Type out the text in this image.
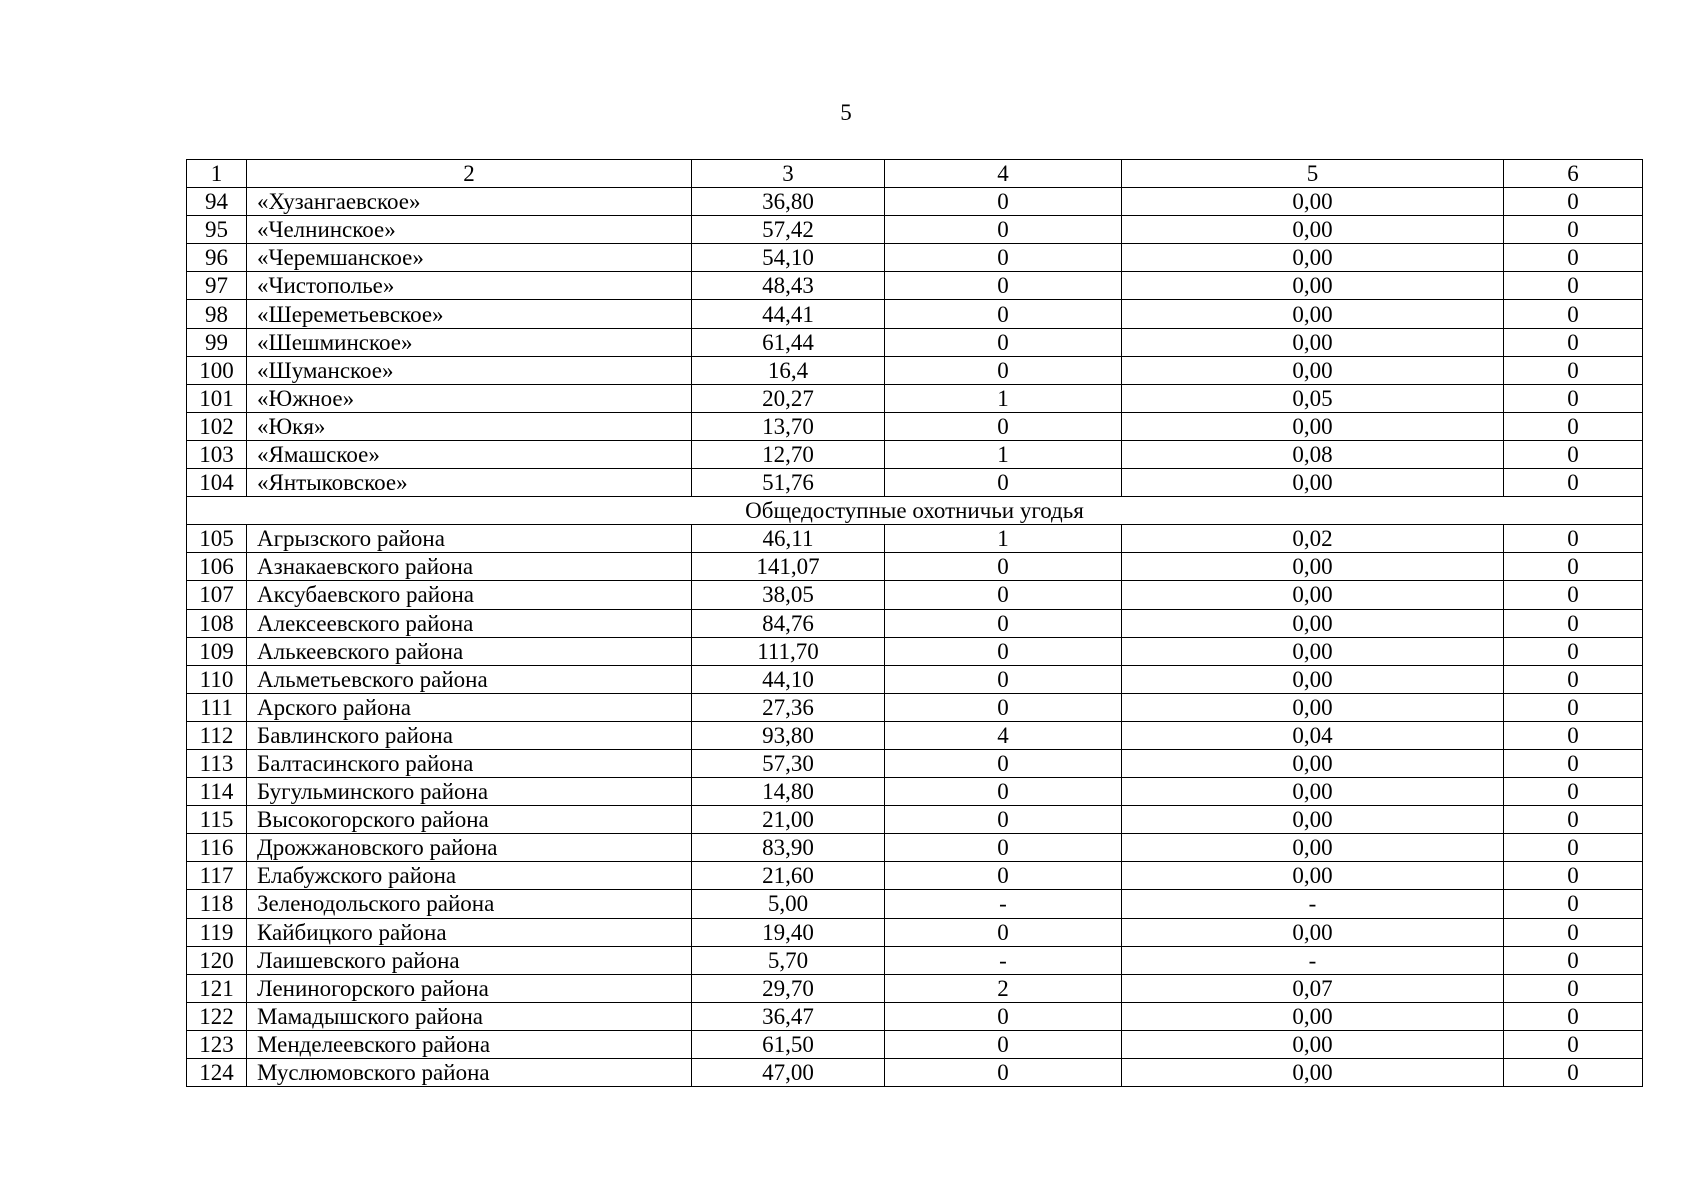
5
1	2	3	4	5	6
94	«Хузангаевское»	36,80	0	0,00	0
95	«Челнинское»	57,42	0	0,00	0
96	«Черемшанское»	54,10	0	0,00	0
97	«Чистополье»	48,43	0	0,00	0
98	«Шереметьевское»	44,41	0	0,00	0
99	«Шешминское»	61,44	0	0,00	0
100	«Шуманское»	16,4	0	0,00	0
101	«Южное»	20,27	1	0,05	0
102	«Юкя»	13,70	0	0,00	0
103	«Ямашское»	12,70	1	0,08	0
104	«Янтыковское»	51,76	0	0,00	0
Общедоступные охотничьи угодья					
105	Агрызского района	46,11	1	0,02	0
106	Азнакаевского района	141,07	0	0,00	0
107	Аксубаевского района	38,05	0	0,00	0
108	Алексеевского района	84,76	0	0,00	0
109	Алькеевского района	111,70	0	0,00	0
110	Альметьевского района	44,10	0	0,00	0
111	Арского района	27,36	0	0,00	0
112	Бавлинского района	93,80	4	0,04	0
113	Балтасинского района	57,30	0	0,00	0
114	Бугульминского района	14,80	0	0,00	0
115	Высокогорского района	21,00	0	0,00	0
116	Дрожжановского района	83,90	0	0,00	0
117	Елабужского района	21,60	0	0,00	0
118	Зеленодольского района	5,00	-	-	0
119	Кайбицкого района	19,40	0	0,00	0
120	Лаишевского района	5,70	-	-	0
121	Лениногорского района	29,70	2	0,07	0
122	Мамадышского района	36,47	0	0,00	0
123	Менделеевского района	61,50	0	0,00	0
124	Муслюмовского района	47,00	0	0,00	0
